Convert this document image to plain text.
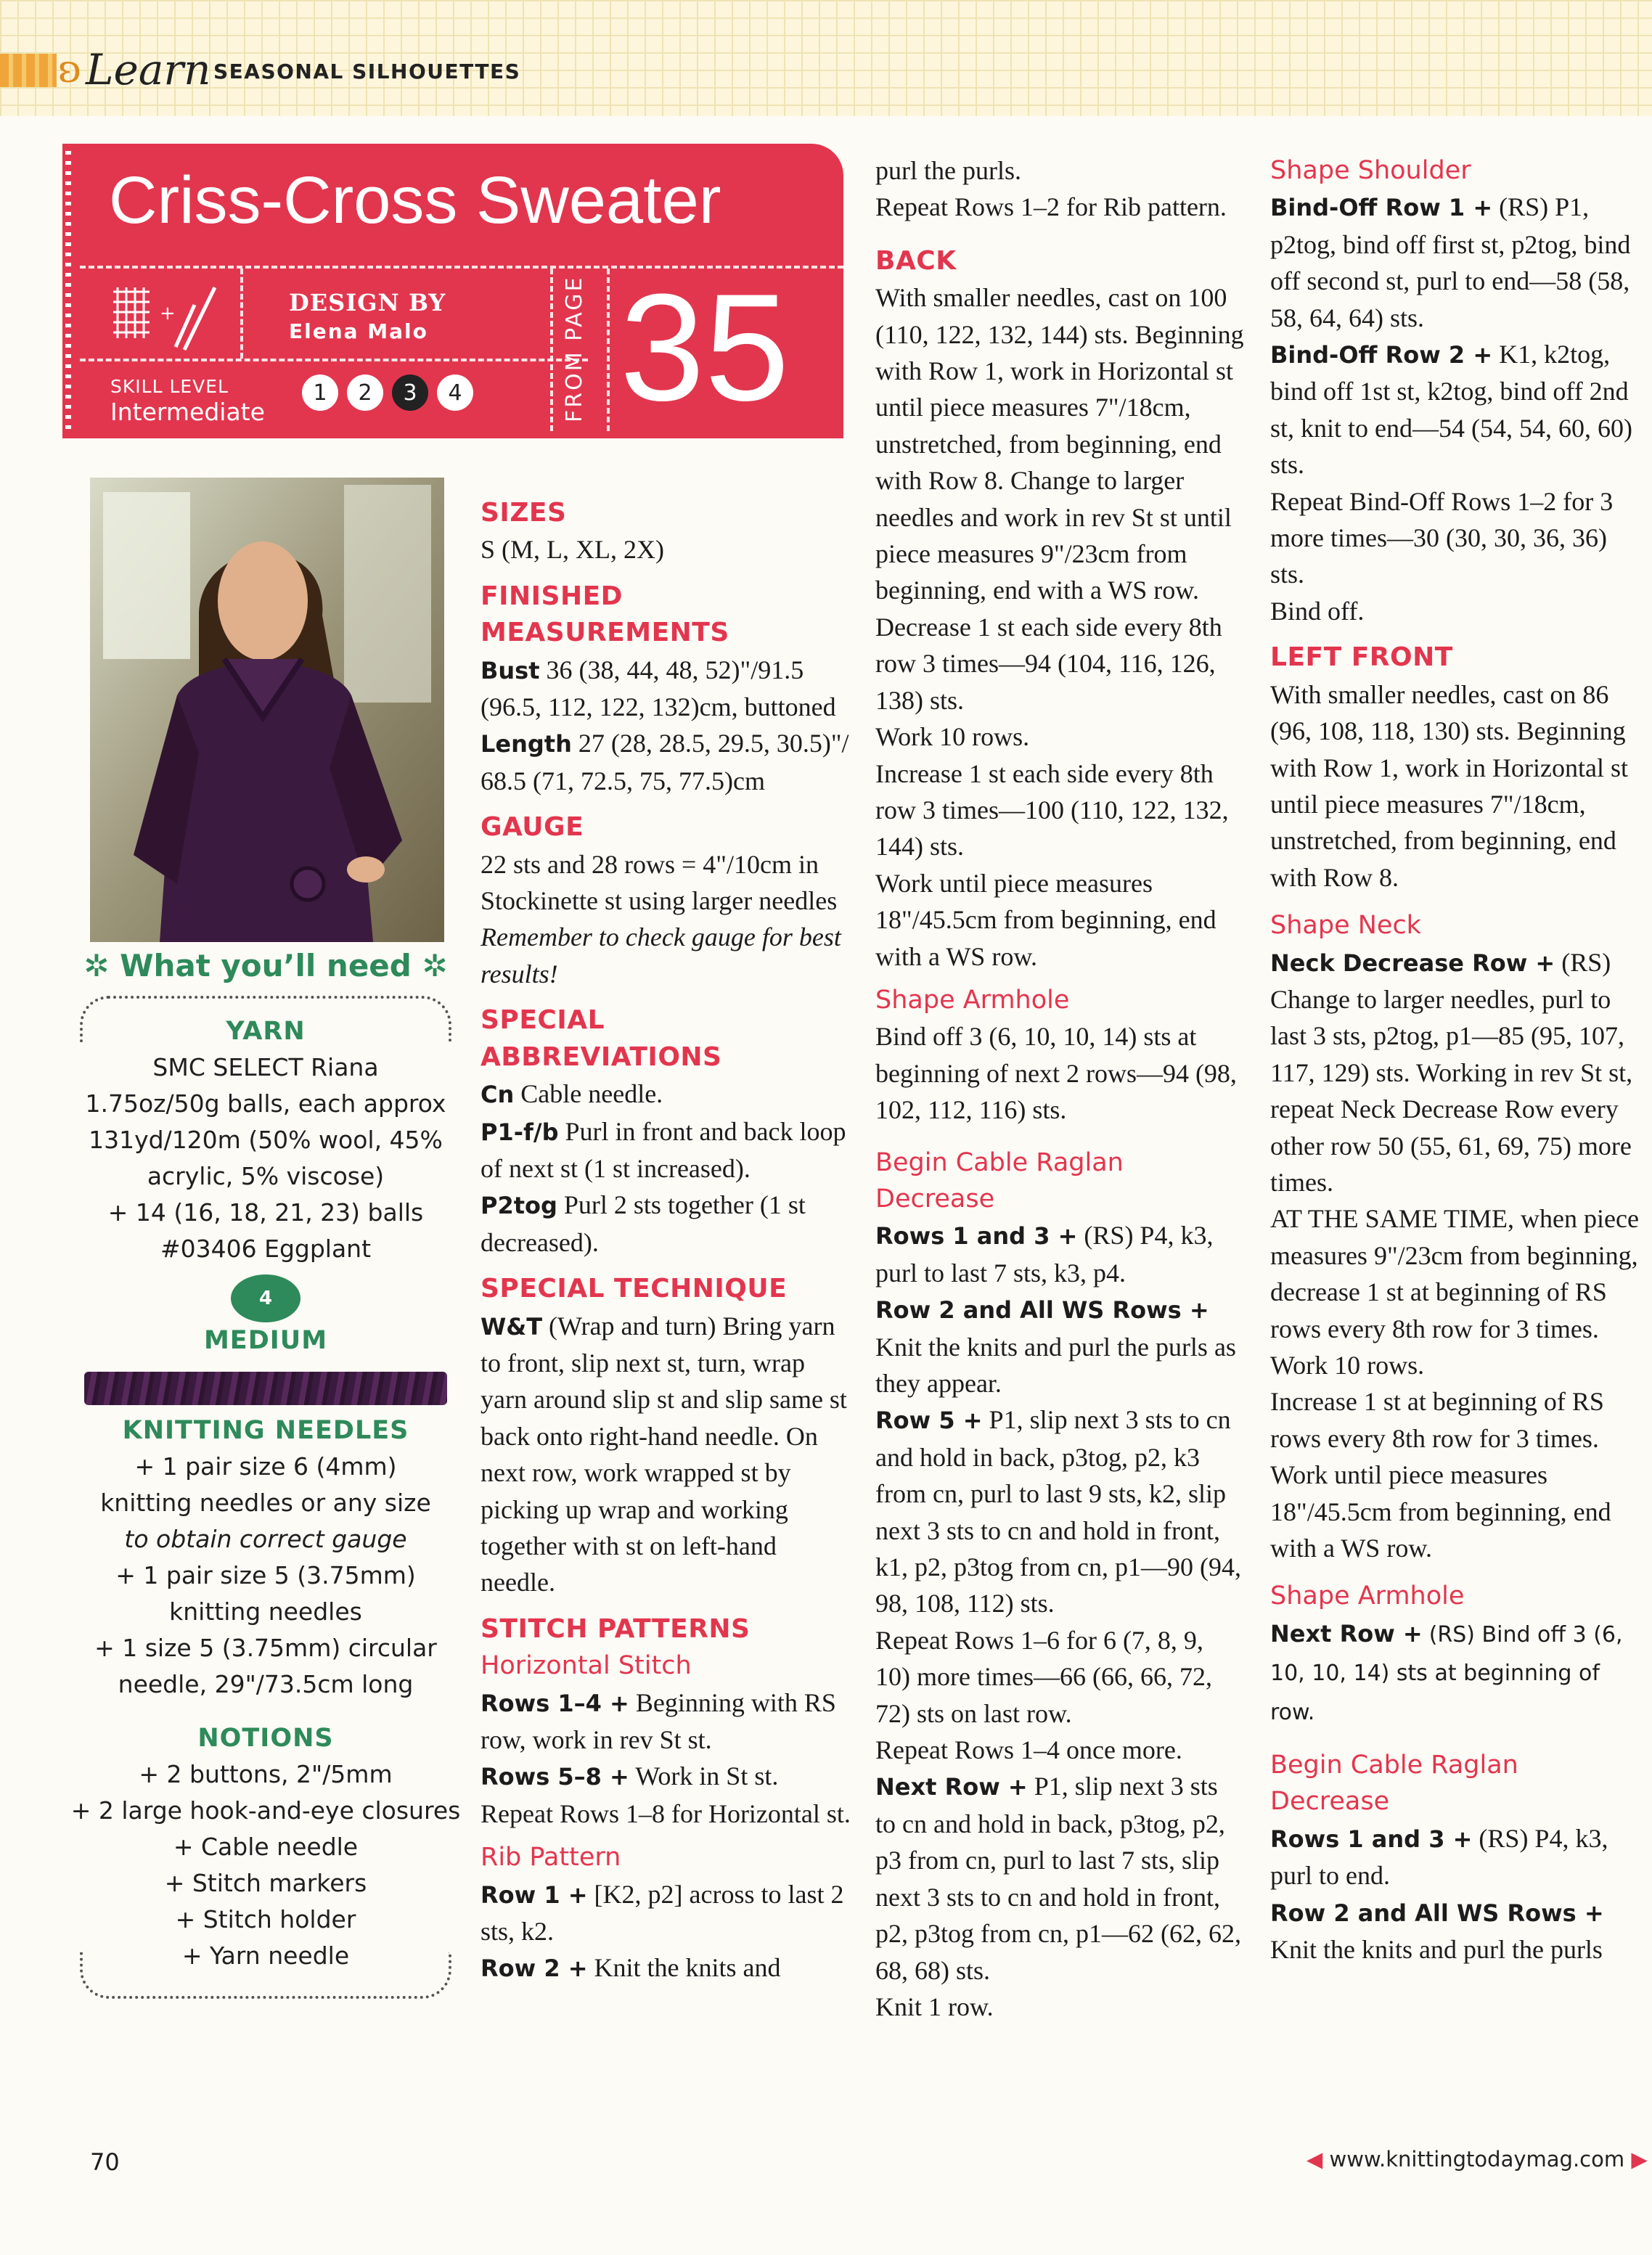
ʚ Learn SEASONAL SILHOUETTES
Criss-Cross Sweater
+	DESIGN BY
Elena Malo
SKILL LEVEL
Intermediate
1	2	3	4	FROM PAGE 35
✲ What you’ll need ✲
YARN

SMC SELECT Riana

1.75oz/50g balls, each approx

131yd/120m (50% wool, 45%

acrylic, 5% viscose)

+ 14 (16, 18, 21, 23) balls

#03406 Eggplant

4
MEDIUM
KNITTING NEEDLES

+ 1 pair size 6 (4mm)

knitting needles or any size

to obtain correct gauge

+ 1 pair size 5 (3.75mm)

knitting needles

+ 1 size 5 (3.75mm) circular

needle, 29"/73.5cm long

NOTIONS

+ 2 buttons, 2"/5mm

+ 2 large hook-and-eye closures

+ Cable needle

+ Stitch markers

+ Stitch holder

+ Yarn needle

SIZES

S (M, L, XL, 2X)

FINISHED MEASUREMENTS

Bust 36 (38, 44, 48, 52)"/91.5 (96.5, 112, 122, 132)cm, buttoned

Length 27 (28, 28.5, 29.5, 30.5)"/ 68.5 (71, 72.5, 75, 77.5)cm

GAUGE

22 sts and 28 rows = 4"/10cm in Stockinette st using larger needles

Remember to check gauge for best results!

SPECIAL ABBREVIATIONS

Cn Cable needle.

P1-f/b Purl in front and back loop of next st (1 st increased).

P2tog Purl 2 sts together (1 st decreased).

SPECIAL TECHNIQUE

W&T (Wrap and turn) Bring yarn to front, slip next st, turn, wrap yarn around slip st and slip same st back onto right-hand needle. On next row, work wrapped st by picking up wrap and working together with st on left-hand needle.

STITCH PATTERNS
Horizontal Stitch

Rows 1–4 + Beginning with RS row, work in rev St st.

Rows 5–8 + Work in St st.

Repeat Rows 1–8 for Horizontal st.

Rib Pattern

Row 1 + [K2, p2] across to last 2 sts, k2.

Row 2 + Knit the knits and

purl the purls.

Repeat Rows 1–2 for Rib pattern.

BACK

With smaller needles, cast on 100 (110, 122, 132, 144) sts. Beginning with Row 1, work in Horizontal st until piece measures 7"/18cm, unstretched, from beginning, end with Row 8. Change to larger needles and work in rev St st until piece measures 9"/23cm from beginning, end with a WS row. Decrease 1 st each side every 8th row 3 times—94 (104, 116, 126, 138) sts.

Work 10 rows.

Increase 1 st each side every 8th row 3 times—100 (110, 122, 132, 144) sts.

Work until piece measures 18"/45.5cm from beginning, end with a WS row.

Shape Armhole

Bind off 3 (6, 10, 10, 14) sts at beginning of next 2 rows—94 (98, 102, 112, 116) sts.

Begin Cable Raglan Decrease

Rows 1 and 3 + (RS) P4, k3, purl to last 7 sts, k3, p4.

Row 2 and All WS Rows + Knit the knits and purl the purls as they appear.

Row 5 + P1, slip next 3 sts to cn and hold in back, p3tog, p2, k3 from cn, purl to last 9 sts, k2, slip next 3 sts to cn and hold in front, k1, p2, p3tog from cn, p1—90 (94, 98, 108, 112) sts.

Repeat Rows 1–6 for 6 (7, 8, 9, 10) more times—66 (66, 66, 72, 72) sts on last row.

Repeat Rows 1–4 once more.

Next Row + P1, slip next 3 sts to cn and hold in back, p3tog, p2, p3 from cn, purl to last 7 sts, slip next 3 sts to cn and hold in front, p2, p3tog from cn, p1—62 (62, 62, 68, 68) sts.

Knit 1 row.

Shape Shoulder

Bind-Off Row 1 + (RS) P1, p2tog, bind off first st, p2tog, bind off second st, purl to end—58 (58, 58, 64, 64) sts.

Bind-Off Row 2 + K1, k2tog, bind off 1st st, k2tog, bind off 2nd st, knit to end—54 (54, 54, 60, 60) sts.

Repeat Bind-Off Rows 1–2 for 3 more times—30 (30, 30, 36, 36) sts.

Bind off.

LEFT FRONT

With smaller needles, cast on 86 (96, 108, 118, 130) sts. Beginning with Row 1, work in Horizontal st until piece measures 7"/18cm, unstretched, from beginning, end with Row 8.

Shape Neck

Neck Decrease Row + (RS) Change to larger needles, purl to last 3 sts, p2tog, p1—85 (95, 107, 117, 129) sts. Working in rev St st, repeat Neck Decrease Row every other row 50 (55, 61, 69, 75) more times.

AT THE SAME TIME, when piece measures 9"/23cm from beginning, decrease 1 st at beginning of RS rows every 8th row for 3 times.

Work 10 rows.

Increase 1 st at beginning of RS rows every 8th row for 3 times.

Work until piece measures 18"/45.5cm from beginning, end with a WS row.

Shape Armhole

Next Row + (RS) Bind off 3 (6, 10, 10, 14) sts at beginning of row.

Begin Cable Raglan Decrease

Rows 1 and 3 + (RS) P4, k3, purl to end.

Row 2 and All WS Rows + Knit the knits and purl the purls

70	◀ www.knittingtodaymag.com ▶
